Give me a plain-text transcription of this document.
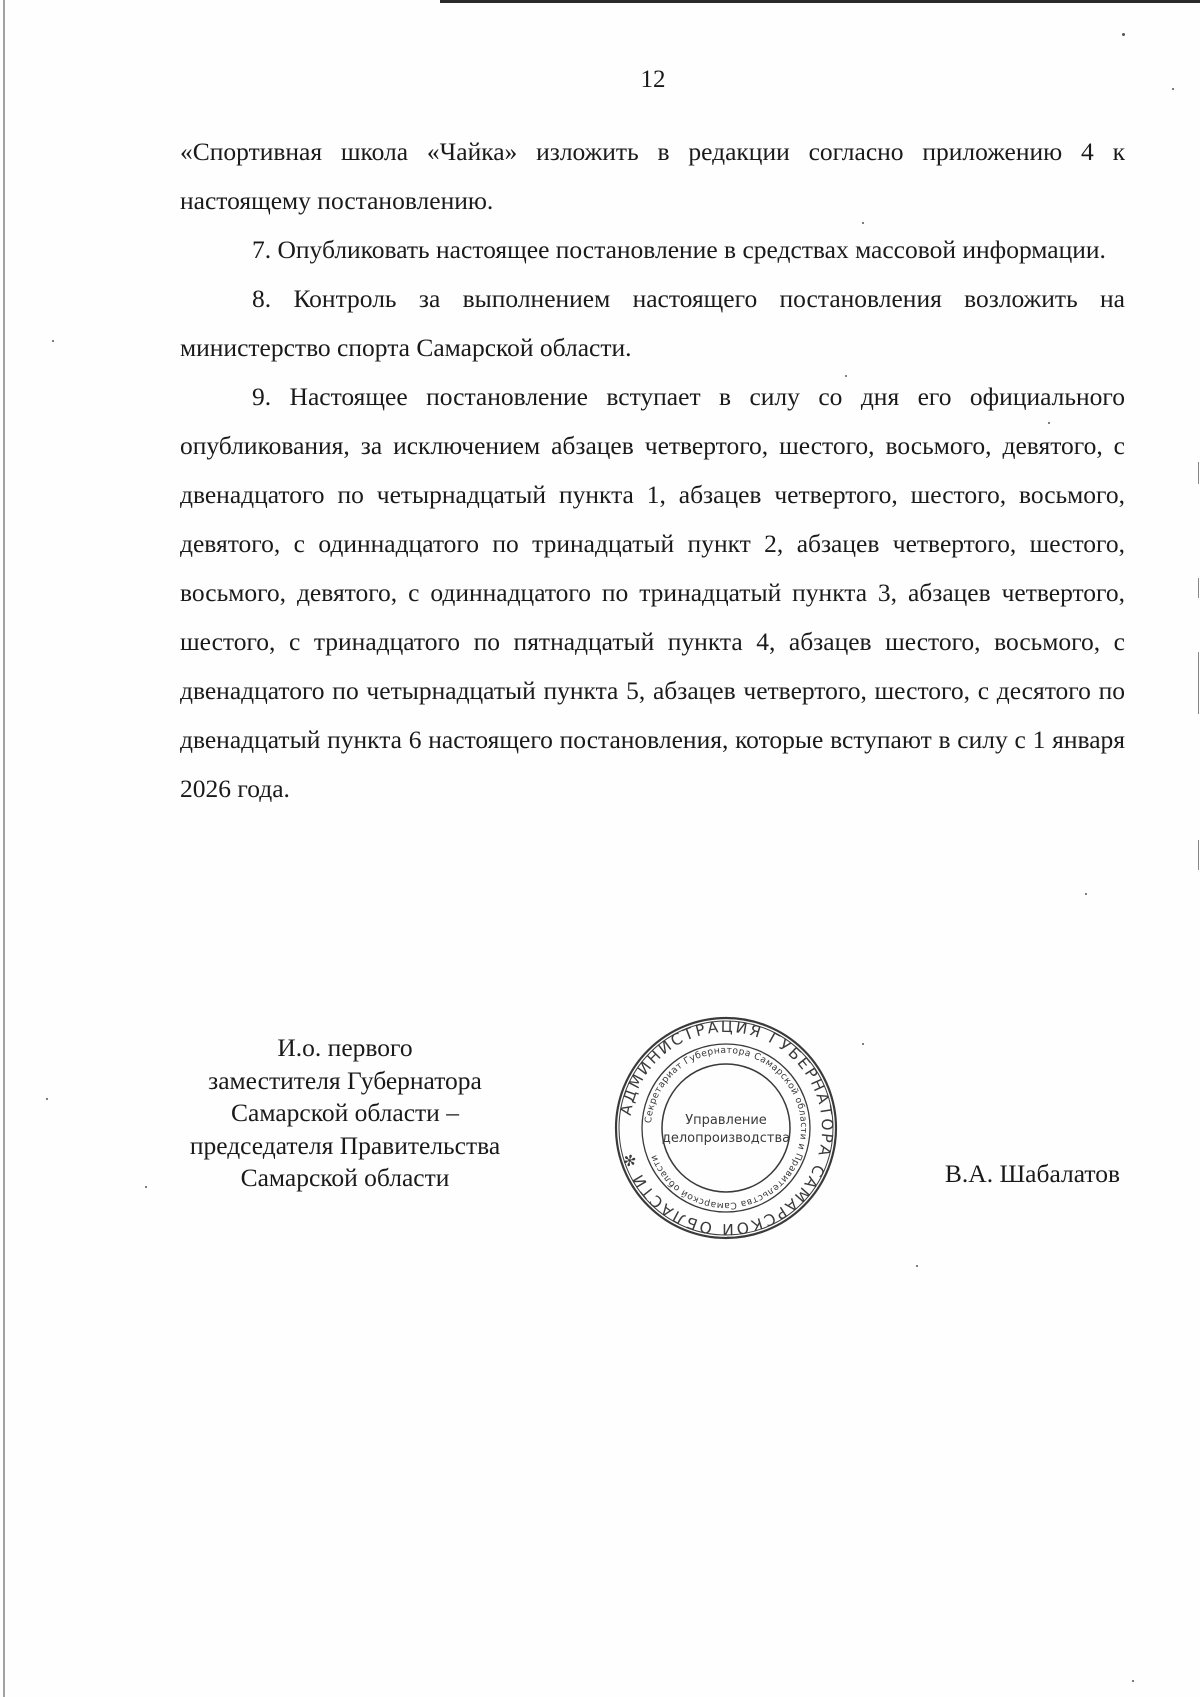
12

«Спортивная школа «Чайка» изложить в редакции согласно приложению 4 к настоящему постановлению.

7. Опубликовать настоящее постановление в средствах массовой информации.

8. Контроль за выполнением настоящего постановления возложить на министерство спорта Самарской области.

9. Настоящее постановление вступает в силу со дня его официального опубликования, за исключением абзацев четвертого, шестого, восьмого, девятого, с двенадцатого по четырнадцатый пункта 1, абзацев четвертого, шестого, восьмого, девятого, с одиннадцатого по тринадцатый пункт 2, абзацев четвертого, шестого, восьмого, девятого, с одиннадцатого по тринадцатый пункта 3, абзацев четвертого, шестого, с тринадцатого по пятнадцатый пункта 4, абзацев шестого, восьмого, с двенадцатого по четырнадцатый пункта 5, абзацев четвертого, шестого, с десятого по двенадцатый пункта 6 настоящего постановления, которые вступают в силу с 1 января 2026 года.

И.о. первого
заместителя Губернатора
Самарской области –
председателя Правительства
Самарской области
АДМИНИСТРАЦИЯ ГУБЕРНАТОРА САМАРСКОЙ ОБЛАСТИ ✻
Секретариат Губернатора Самарской области и Правительства Самарской области
Управление
делопроизводства
В.А. Шабалатов
